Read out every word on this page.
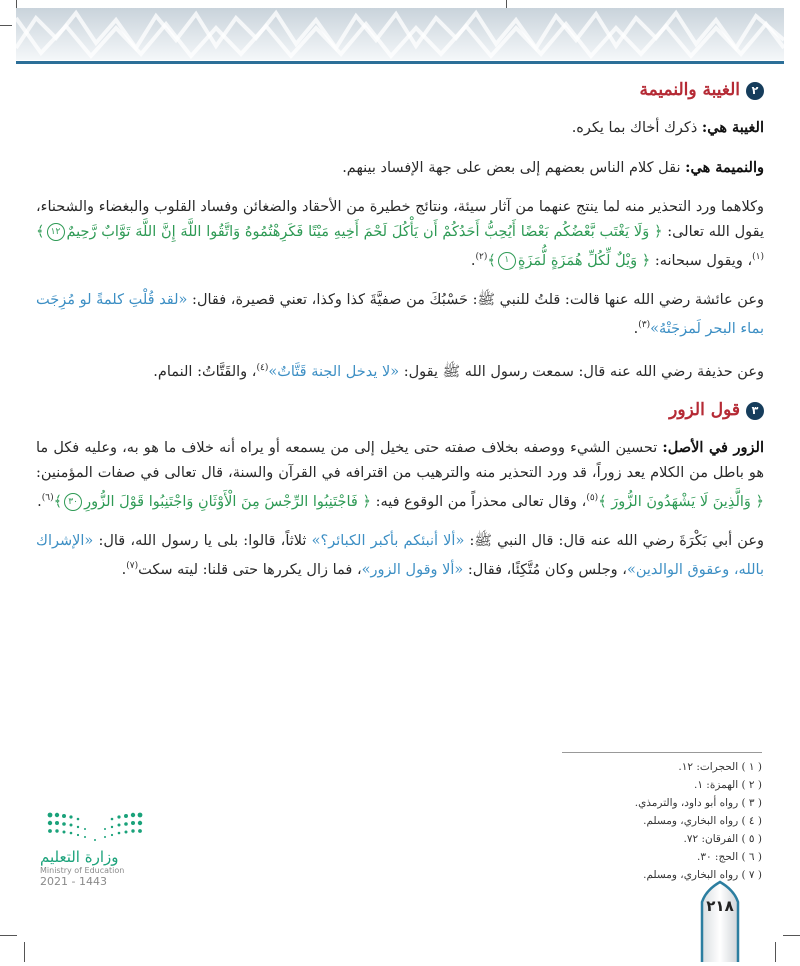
٢
الغيبة والنميمة

الغيبة هي: ذكرك أخاك بما يكره.

والنميمة هي: نقل كلام الناس بعضهم إلى بعض على جهة الإفساد بينهم.

وكلاهما ورد التحذير منه لما ينتج عنهما من آثار سيئة، ونتائج خطيرة من الأحقاد والضغائن وفساد القلوب والبغضاء والشحناء، يقول الله تعالى: ﴿ وَلَا يَغْتَب بَّعْضُكُم بَعْضًا أَيُحِبُّ أَحَدُكُمْ أَن يَأْكُلَ لَحْمَ أَخِيهِ مَيْتًا فَكَرِهْتُمُوهُ وَاتَّقُوا اللَّهَ إِنَّ اللَّهَ تَوَّابٌ رَّحِيمٌ١٢﴾$^{(١)}$، ويقول سبحانه: ﴿ وَيْلٌ لِّكُلِّ هُمَزَةٍ لُّمَزَةٍ١﴾$^{(٢)}$.

وعن عائشة رضي الله عنها قالت: قلتُ للنبي ﷺ: حَسْبُكَ من صفيَّةَ كذا وكذا، تعني قصيرة، فقال: «لقد قُلْتِ كلمةً لو مُزِجَت بماء البحر لَمزجَتْهُ»$^{(٣)}$.

وعن حذيفة رضي الله عنه قال: سمعت رسول الله ﷺ يقول: «لا يدخل الجنة قَتَّاتٌ»$^{(٤)}$، والقَتَّاتُ: النمام.

٣
قول الزور

الزور في الأصل: تحسين الشيء ووصفه بخلاف صفته حتى يخيل إلى من يسمعه أو يراه أنه خلاف ما هو به، وعليه فكل ما هو باطل من الكلام يعد زوراً، قد ورد التحذير منه والترهيب من اقترافه في القرآن والسنة، قال تعالى في صفات المؤمنين: ﴿ وَالَّذِينَ لَا يَشْهَدُونَ الزُّورَ ﴾$^{(٥)}$، وقال تعالى محذراً من الوقوع فيه: ﴿ فَاجْتَنِبُوا الرِّجْسَ مِنَ الْأَوْثَانِ وَاجْتَنِبُوا قَوْلَ الزُّورِ٣٠﴾$^{(٦)}$.

وعن أبي بَكْرَةَ رضي الله عنه قال: قال النبي ﷺ: «ألا أنبئكم بأكبر الكبائر؟» ثلاثاً، قالوا: بلى يا رسول الله، قال: «الإشراك بالله، وعقوق الوالدين»، وجلس وكان مُتَّكِئًا، فقال: «ألا وقول الزور»، فما زال يكررها حتى قلنا: ليته سكت$^{(٧)}$.

( ١ ) الحجرات: ١٢.
( ٢ ) الهمزة: ١.
( ٣ ) رواه أبو داود، والترمذي.
( ٤ ) رواه البخاري، ومسلم.
( ٥ ) الفرقان: ٧٢.
( ٦ ) الحج: ٣٠.
( ٧ ) رواه البخاري، ومسلم.
وزارة التعليم
Ministry of Education
2021 - 1443
٢١٨
